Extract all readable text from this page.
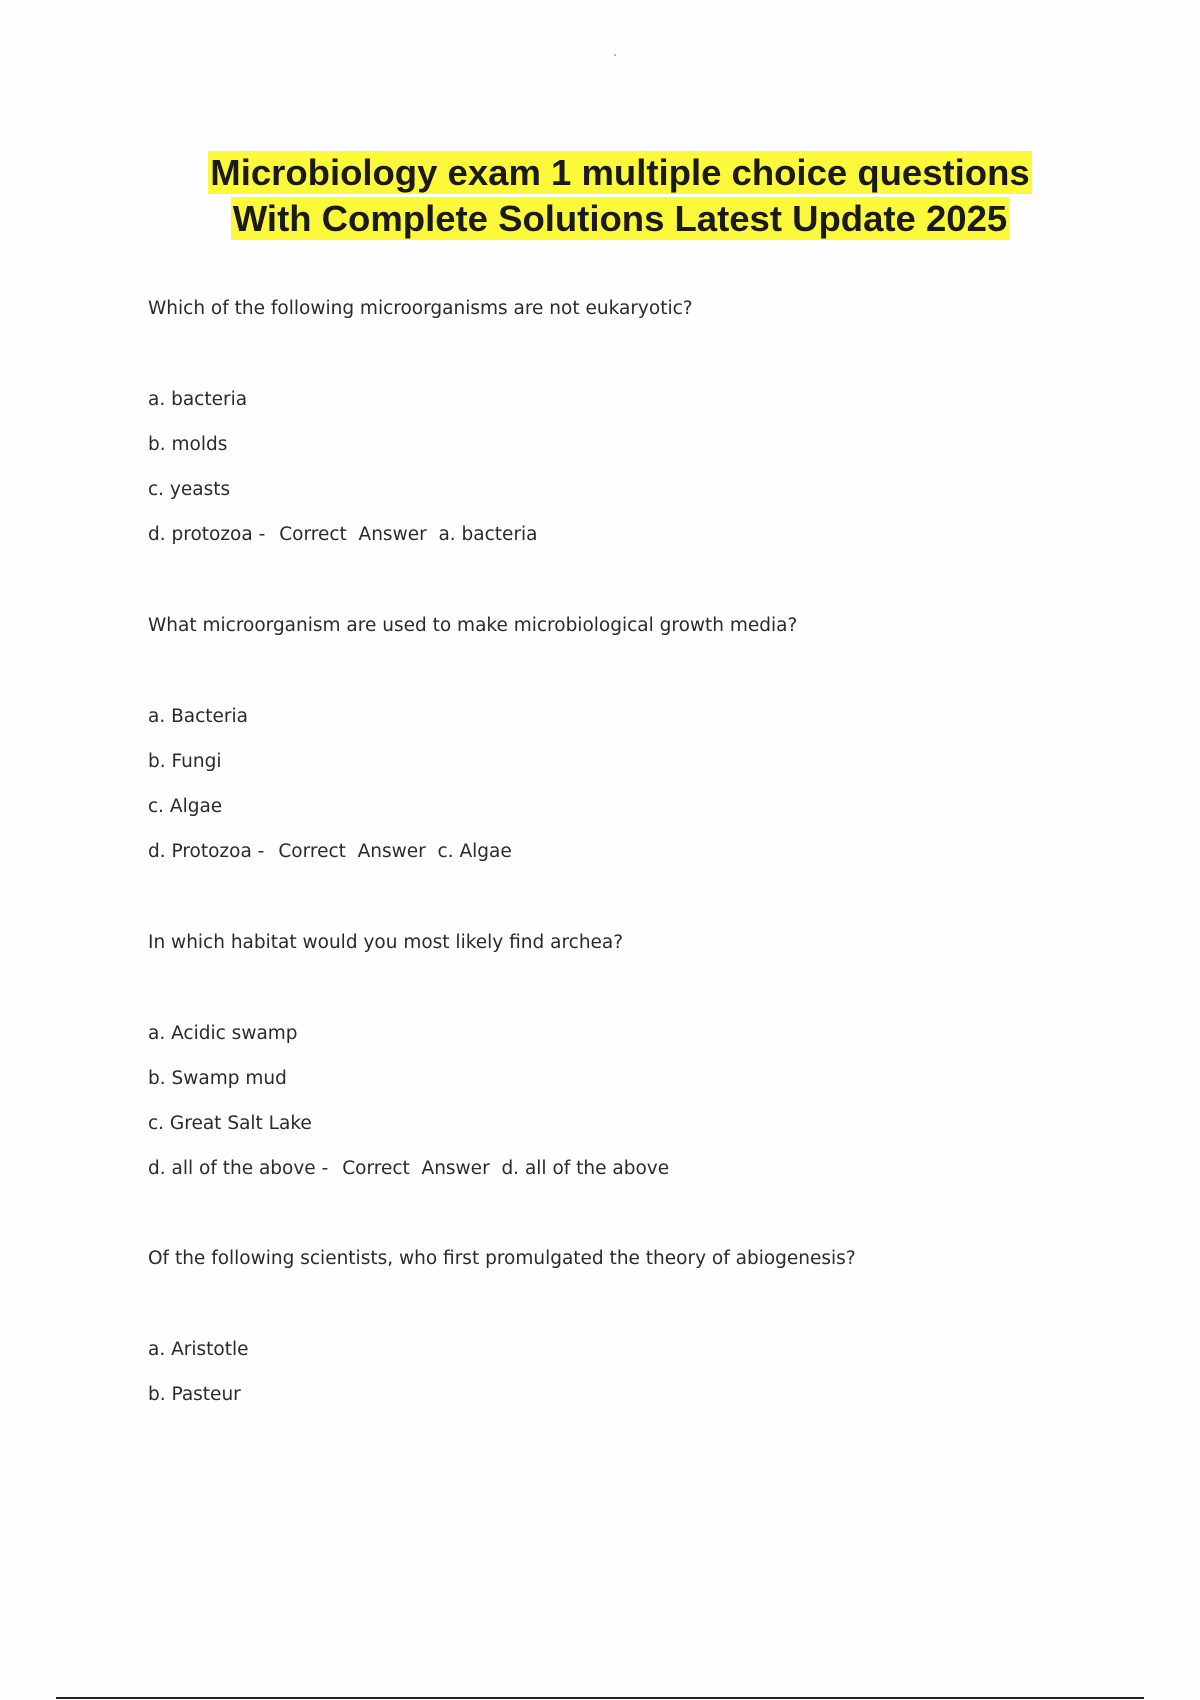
Microbiology exam 1 multiple choice questions
With Complete Solutions Latest Update 2025
Which of the following microorganisms are not eukaryotic?
a. bacteria
b. molds
c. yeasts
d. protozoa - Correct  Answer a. bacteria
What microorganism are used to make microbiological growth media?
a. Bacteria
b. Fungi
c. Algae
d. Protozoa - Correct  Answer c. Algae
In which habitat would you most likely find archea?
a. Acidic swamp
b. Swamp mud
c. Great Salt Lake
d. all of the above - Correct  Answer d. all of the above
Of the following scientists, who first promulgated the theory of abiogenesis?
a. Aristotle
b. Pasteur
